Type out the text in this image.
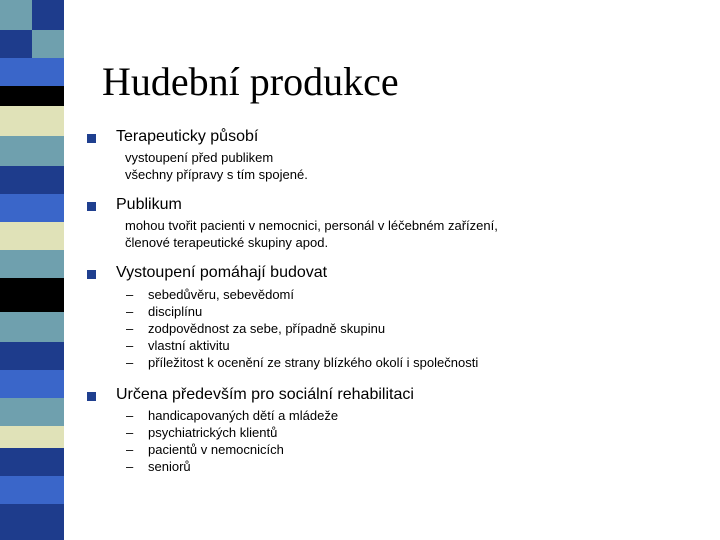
Hudební produkce
Terapeuticky působí
vystoupení před publikem
všechny přípravy s tím spojené.
Publikum
mohou tvořit pacienti v nemocnici, personál v léčebném zařízení,
členové terapeutické skupiny apod.
Vystoupení pomáhají budovat
– sebedůvěru, sebevědomí
– disciplínu
– zodpovědnost za sebe, případně skupinu
– vlastní aktivitu
– příležitost k ocenění ze strany blízkého okolí i společnosti
Určena především pro sociální rehabilitaci
– handicapovaných dětí a mládeže
– psychiatrických klientů
– pacientů v nemocnicích
– seniorů
